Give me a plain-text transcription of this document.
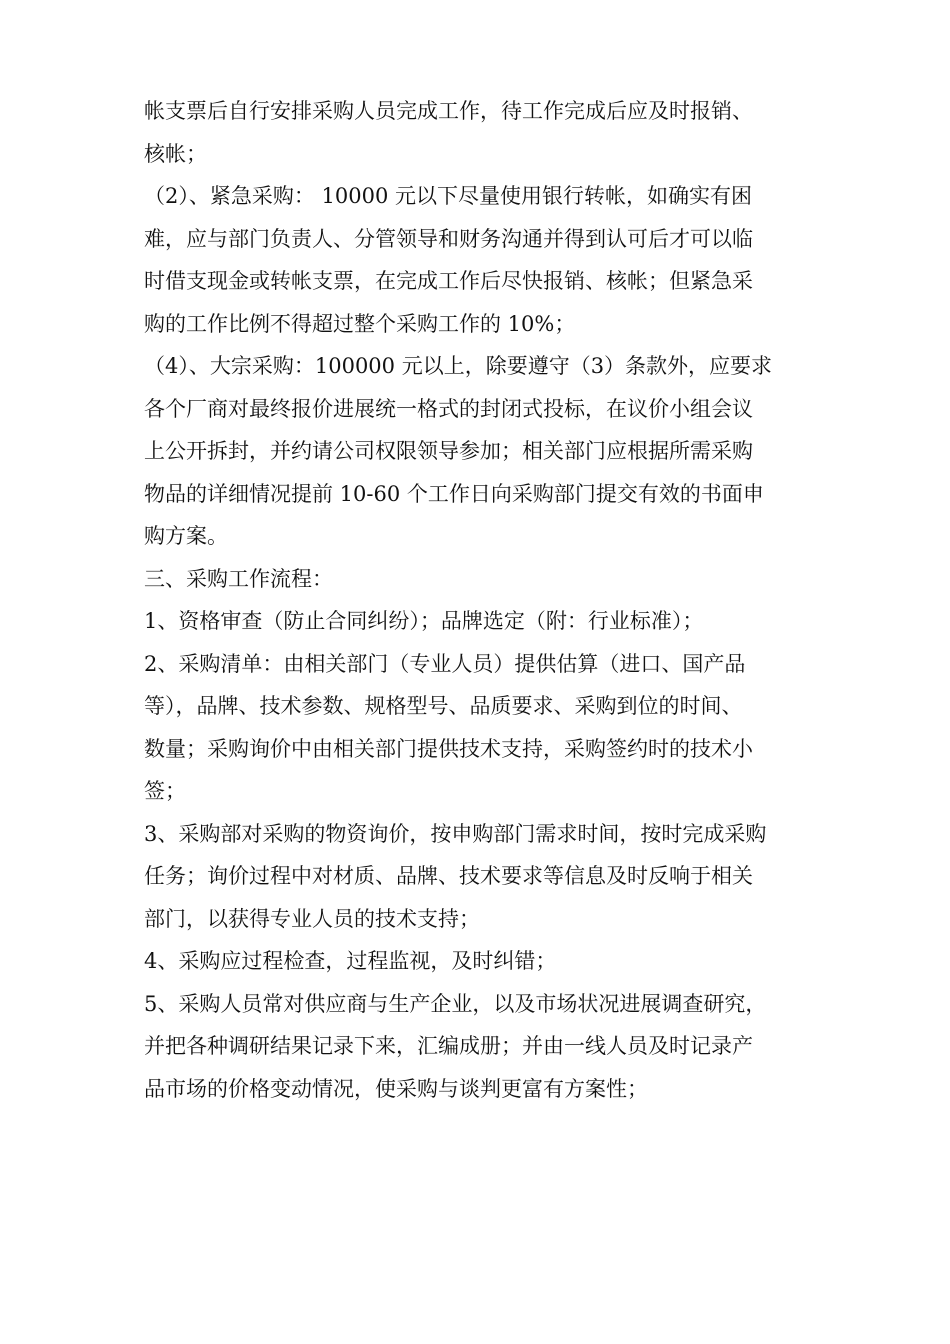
帐支票后自行安排采购人员完成工作，待工作完成后应及时报销、
核帐；
（2）、紧急采购： 10000 元以下尽量使用银行转帐，如确实有困
难，应与部门负责人、分管领导和财务沟通并得到认可后才可以临
时借支现金或转帐支票，在完成工作后尽快报销、核帐；但紧急采
购的工作比例不得超过整个采购工作的 10%；
（4）、大宗采购：100000 元以上，除要遵守（3）条款外，应要求
各个厂商对最终报价进展统一格式的封闭式投标，在议价小组会议
上公开拆封，并约请公司权限领导参加；相关部门应根据所需采购
物品的详细情况提前 10-60 个工作日向采购部门提交有效的书面申
购方案。
三、采购工作流程：
1、资格审查（防止合同纠纷）；品牌选定（附：行业标准）；
2、采购清单：由相关部门（专业人员）提供估算（进口、国产品
等），品牌、技术参数、规格型号、品质要求、采购到位的时间、
数量；采购询价中由相关部门提供技术支持，采购签约时的技术小
签；
3、采购部对采购的物资询价，按申购部门需求时间，按时完成采购
任务；询价过程中对材质、品牌、技术要求等信息及时反响于相关
部门，以获得专业人员的技术支持；
4、采购应过程检查，过程监视，及时纠错；
5、采购人员常对供应商与生产企业，以及市场状况进展调查研究，
并把各种调研结果记录下来，汇编成册；并由一线人员及时记录产
品市场的价格变动情况，使采购与谈判更富有方案性；
